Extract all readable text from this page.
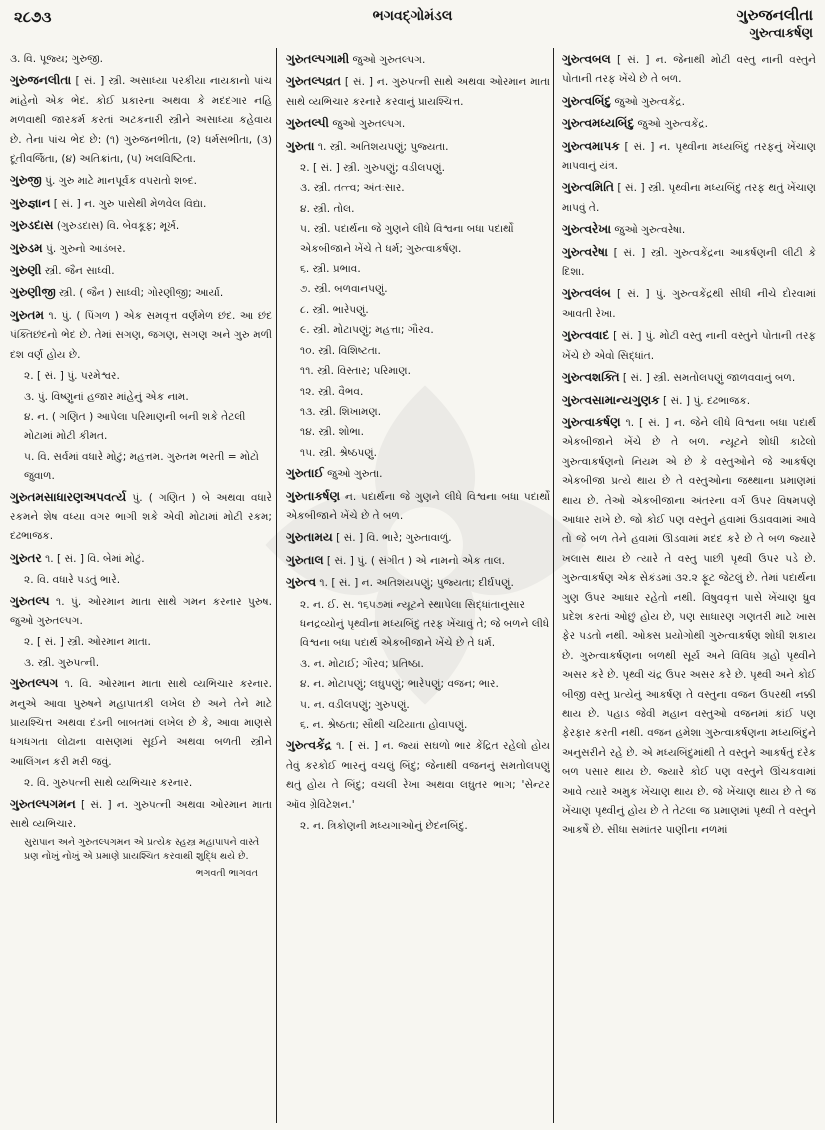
૨૮૭૩	ભગવદ્ગોમંડલ	ગુરુજનલીતા
ગુરુત્વાકર્ષણ
૩. વિ. પૂજ્ય; ગુરુજી.
ગુરુજનલીતા [ સં. ] સ્ત્રી. અસાધ્યા પરકીયા નાયકાનો પાંચ માંહેનો એક ભેદ. કોઈ પ્રકારના અથવા કે મદદગાર નહિ મળવાથી જારકર્મ કરતાં અટકનારી સ્ત્રીને અસાધ્યા કહેવાય છે. તેના પાંચ ભેદ છે: (૧) ગુરુજનભીતા, (૨) ધર્મસભીતા, (૩) દૂતીવર્જિતા, (૪) અતિક્રાંતા, (૫) ખલવિષ્ટિતા.
ગુરુજી પું. ગુરુ માટે માનપૂર્વક વપરાતો શબ્દ.
ગુરુજ્ઞાન [ સં. ] ન. ગુરુ પાસેથી મેળવેલ વિદ્યા.
ગુરુડદાસ (ગુરુડદાસ) વિ. બેવકૂફ; મૂર્ખ.
ગુરુડમ પું. ગુરુનો આડંબર.
ગુરુણી સ્ત્રી. જૈન સાધ્વી.
ગુરુણીજી સ્ત્રી. ( જૈન ) સાધ્વી; ગોરણીજી; આર્યા.
ગુરુતમ ૧. પું. ( પિંગળ ) એક સમવૃત્ત વર્ણમેળ છંદ. આ છંદ પંક્તિછંદનો ભેદ છે. તેમાં સગણ, જગણ, સગણ અને ગુરુ મળી દશ વર્ણ હોય છે.
૨. [ સં. ] પું. પરમેશ્વર.
૩. પું. વિષ્ણુનાં હજાર માંહેનું એક નામ.
૪. ન. ( ગણિત ) આપેલા પરિમાણની બની શકે તેટલી મોટામાં મોટી કીમત.
૫. વિ. સર્વમાં વધારે મોટું; મહત્તમ. ગુરુતમ ભરતી = મોટો જુવાળ.
ગુરુતમસાધારણઅપવર્ત્ય પું. ( ગણિત ) બે અથવા વધારે રકમને શેષ વધ્યા વગર ભાગી શકે એવી મોટામાં મોટી રકમ; દઢભાજક.
ગુરુતર ૧. [ સં. ] વિ. બેમાં મોટું.
૨. વિ. વધારે પડતું ભારે.
ગુરુતલ્પ ૧. પું. ઓરમાન માતા સાથે ગમન કરનાર પુરુષ. જુઓ ગુરુતલ્પગ.
૨. [ સં. ] સ્ત્રી. ઓરમાન માતા.
૩. સ્ત્રી. ગુરુપત્ની.
ગુરુતલ્પગ ૧. વિ. ઓરમાન માતા સાથે વ્યભિચાર કરનાર. મનુએ આવા પુરુષને મહાપાતકી લખેલ છે અને તેને માટે પ્રાયશ્ચિત્ત અથવા દંડની બાબતમાં લખેલ છે કે, આવા માણસે ધગધગતા લોઢાના વાસણમાં સૂઈને અથવા બળતી સ્ત્રીને આલિંગન કરી મરી જવું.
૨. વિ. ગુરુપત્ની સાથે વ્યભિચાર કરનાર.
ગુરુતલ્પગમન [ સં. ] ન. ગુરુપત્ની અથવા ઓરમાન માતા સાથે વ્યભિચાર.
સુરાપાન અને ગુરુતલ્પગમન એ પ્રત્યેક સ્હસ્ત્ર મહાપાપને વાસ્તે પ્રણ નોખું નોખું એ પ્રમાણે પ્રાયશ્ચિત કરવાથી શુદ્ધિ થયે છે.
ભગવતી ભાગવત
ગુરુતલ્પગામી જુઓ ગુરુતલ્પગ.
ગુરુતલ્પવ્રત [ સં. ] ન. ગુરુપત્ની સાથે અથવા ઓરમાન માતા સાથે વ્યભિચાર કરનારે કરવાનું પ્રાયશ્ચિત્ત.
ગુરુતલ્પી જુઓ ગુરુતલ્પગ.
ગુરુતા ૧. સ્ત્રી. અતિશયપણું; પુજ્યતા.
૨. [ સં. ] સ્ત્રી. ગુરુપણું; વડીલપણું.
૩. સ્ત્રી. તત્ત્વ; અંતઃસાર.
૪. સ્ત્રી. તોલ.
૫. સ્ત્રી. પદાર્થના જે ગુણને લીધે વિશ્વના બધા પદાર્થો એકબીજાને ખેંચે તે ધર્મ; ગુરુત્વાકર્ષણ.
૬. સ્ત્રી. પ્રભાવ.
૭. સ્ત્રી. બળવાનપણું.
૮. સ્ત્રી. ભારેપણું.
૯. સ્ત્રી. મોટાપણું; મહત્તા; ગૌરવ.
૧૦. સ્ત્રી. વિશિષ્ટતા.
૧૧. સ્ત્રી. વિસ્તાર; પરિમાણ.
૧૨. સ્ત્રી. વૈભવ.
૧૩. સ્ત્રી. શિખામણ.
૧૪. સ્ત્રી. શોભા.
૧૫. સ્ત્રી. શ્રેષ્ઠપણું.
ગુરુતાઈ જુઓ ગુરુતા.
ગુરુતાકર્ષણ ન. પદાર્થના જે ગુણને લીધે વિશ્વના બધા પદાર્થો એકબીજાને ખેંચે છે તે બળ.
ગુરુતામય [ સં. ] વિ. ભારે; ગુરુતાવાળું.
ગુરુતાલ [ સં. ] પું. ( સંગીત ) એ નામનો એક તાલ.
ગુરુત્વ ૧. [ સં. ] ન. અતિશયપણું; પુજ્યતા; દીર્ઘપણું.
૨. ન. ઈ. સ. ૧૬૫૭માં ન્યૂટને સ્થાપેલા સિદ્ધાંતાનુસાર ધનદ્રવ્યોનું પૃથ્વીના મધ્યબિંદુ તરફ ખેંચાવું તે; જે બળને લીધે વિશ્વના બધા પદાર્થ એકબીજાને ખેંચે છે તે ધર્મ.
૩. ન. મોટાઈ; ગૌરવ; પ્રતિષ્ઠા.
૪. ન. મોટાપણું; લઘુપણું; ભારેપણું; વજન; ભાર.
૫. ન. વડીલપણું; ગુરુપણું.
૬. ન. શ્રેષ્ઠતા; સૌથી ચઢિયાતા હોવાપણું.
ગુરુત્વકેંદ્ર ૧. [ સં. ] ન. જ્યાં સઘળો ભાર કેંદ્રિત રહેલો હોય તેવું કરકોઈ ભારનું વચલું બિંદુ; જેનાથી વજનનું સમતોલપણું થતું હોય તે બિંદુ; વચલી રેખા અથવા લઘુતર ભાગ; 'સેન્ટર ઑવ ગ્રેવિટેશન.'
૨. ન. ત્રિકોણની મધ્યગાઓનું છેદનબિંદુ.
ગુરુત્વબલ [ સં. ] ન. જેનાથી મોટી વસ્તુ નાની વસ્તુને પોતાની તરફ ખેંચે છે તે બળ.
ગુરુત્વબિંદુ જુઓ ગુરુત્વકેંદ્ર.
ગુરુત્વમધ્યબિંદુ જુઓ ગુરુત્વકેંદ્ર.
ગુરુત્વમાપક [ સં. ] ન. પૃથ્વીના મધ્યબિંદુ તરફનું ખેંચાણ માપવાનું યંત્ર.
ગુરુત્વમિતિ [ સં. ] સ્ત્રી. પૃથ્વીના મધ્યબિંદુ તરફ થતું ખેંચાણ માપવું તે.
ગુરુત્વરેખા જુઓ ગુરુત્વરેષા.
ગુરુત્વરેષા [ સં. ] સ્ત્રી. ગુરુત્વકેંદ્રના આકર્ષણની લીટી કે દિશા.
ગુરુત્વલંબ [ સં. ] પું. ગુરુત્વકેંદ્રથી સીધી નીચે દોરવામાં આવતી રેખા.
ગુરુત્વવાદ [ સં. ] પું. મોટી વસ્તુ નાની વસ્તુને પોતાની તરફ ખેંચે છે એવો સિદ્ધાંત.
ગુરુત્વશક્તિ [ સં. ] સ્ત્રી. સમતોલપણું જાળવવાનું બળ.
ગુરુત્વસામાન્યગુણક [ સં. ] પું. દઢભાજક.
ગુરુત્વાકર્ષણ ૧. [ સં. ] ન. જેને લીધે વિશ્વના બધા પદાર્થ એકબીજાને ખેંચે છે તે બળ. ન્યૂટને શોધી કાઢેલો ગુરુત્વાકર્ષણનો નિયમ એ છે કે વસ્તુઓને જે આકર્ષણ એકબીજા પ્રત્યે થાય છે તે વસ્તુઓના જથ્થાના પ્રમાણમાં થાય છે. તેઓ એકબીજાના અંતરના વર્ગ ઉપર વિષમપણે આધાર રાખે છે. જો કોઈ પણ વસ્તુને હવામાં ઉડાવવામાં આવે તો જે બળ તેને હવામાં ઊડવામાં મદદ કરે છે તે બળ જ્યારે ખલાસ થાય છે ત્યારે તે વસ્તુ પાછી પૃથ્વી ઉપર પડે છે. ગુરુત્વાકર્ષણ એક સેકંડમાં ૩૨.૨ ફૂટ જેટલું છે. તેમાં પદાર્થના ગુણ ઉપર આધાર રહેતો નથી. વિષુવવૃત્ત પાસે ખેંચાણ ધ્રુવ પ્રદેશ કરતાં ઓછું હોય છે, પણ સાધારણ ગણતરી માટે ખાસ ફેર પડતો નથી. ઓક્સ પ્રયોગોથી ગુરુત્વાકર્ષણ શોધી શકાય છે. ગુરુત્વાકર્ષણના બળથી સૂર્ય અને વિવિધ ગ્રહો પૃથ્વીને અસર કરે છે. પૃથ્વી ચંદ્ર ઉપર અસર કરે છે. પૃથ્વી અને કોઈ બીજી વસ્તુ પ્રત્યેનું આકર્ષણ તે વસ્તુના વજન ઉપરથી નક્કી થાય છે. પહાડ જેવી મહાન વસ્તુઓ વજનમાં કાંઈ પણ ફેરફાર કરતી નથી. વજન હમેશા ગુરુત્વાકર્ષણના મધ્યબિંદુને અનુસરીને રહે છે. એ મધ્યબિંદુમાંથી તે વસ્તુને આકર્ષતું દરેક બળ પસાર થાય છે. જ્યારે કોઈ પણ વસ્તુને ઊંચકવામાં આવે ત્યારે અમુક ખેંચાણ થાય છે. જે ખેંચાણ થાય છે તે જ ખેંચાણ પૃથ્વીનું હોય છે તે તેટલા જ પ્રમાણમાં પૃથ્વી તે વસ્તુને આકર્ષે છે. સીધા સમાંતર પાણીના નળમાં
